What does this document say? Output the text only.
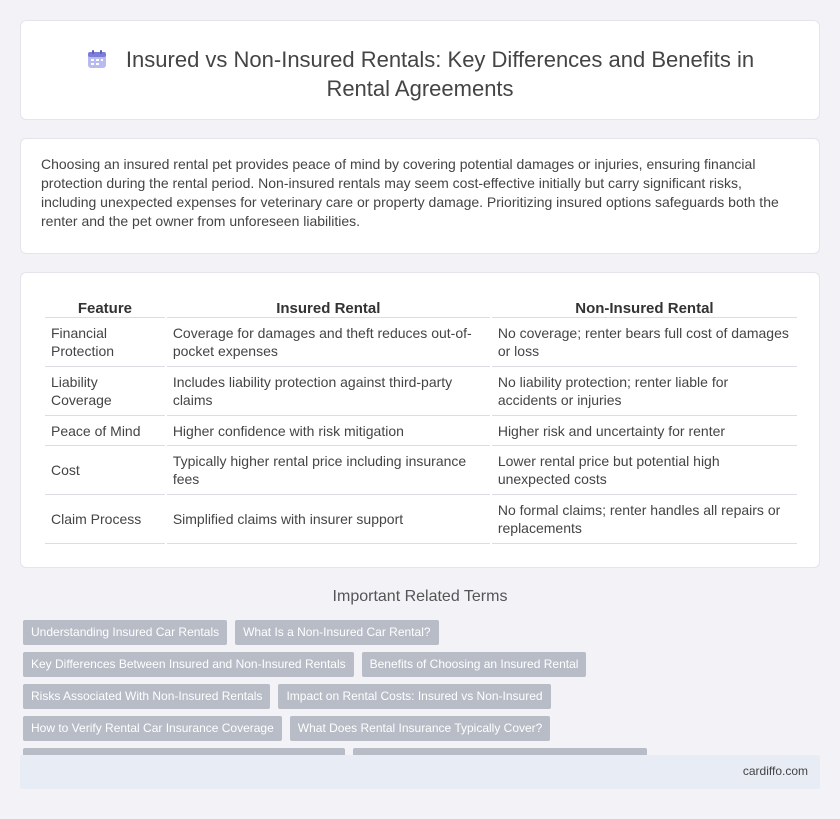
Insured vs Non-Insured Rentals: Key Differences and Benefits in Rental Agreements

Choosing an insured rental pet provides peace of mind by covering potential damages or injuries, ensuring financial protection during the rental period. Non-insured rentals may seem cost-effective initially but carry significant risks, including unexpected expenses for veterinary care or property damage. Prioritizing insured options safeguards both the renter and the pet owner from unforeseen liabilities.

Feature	Insured Rental	Non-Insured Rental
Financial Protection	Coverage for damages and theft reduces out-of-pocket expenses	No coverage; renter bears full cost of damages or loss
Liability Coverage	Includes liability protection against third-party claims	No liability protection; renter liable for accidents or injuries
Peace of Mind	Higher confidence with risk mitigation	Higher risk and uncertainty for renter
Cost	Typically higher rental price including insurance fees	Lower rental price but potential high unexpected costs
Claim Process	Simplified claims with insurer support	No formal claims; renter handles all repairs or replacements
Important Related Terms
Understanding Insured Car Rentals	What Is a Non-Insured Car Rental?
Key Differences Between Insured and Non-Insured Rentals	Benefits of Choosing an Insured Rental
Risks Associated With Non-Insured Rentals	Impact on Rental Costs: Insured vs Non-Insured
How to Verify Rental Car Insurance Coverage	What Does Rental Insurance Typically Cover?
cardiffo.com
